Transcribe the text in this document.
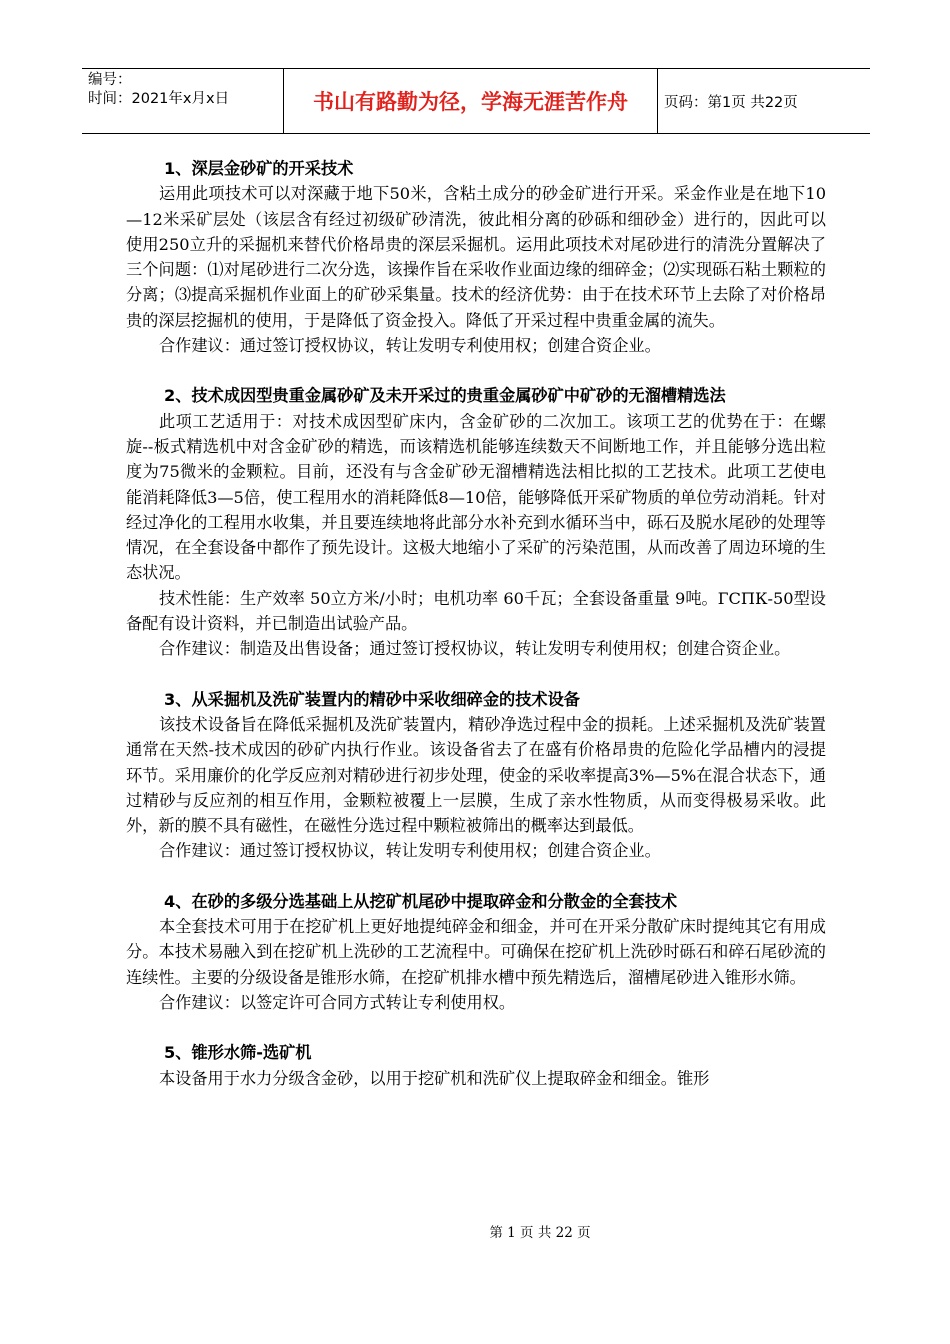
编号：
时间：2021年x月x日	书山有路勤为径，学海无涯苦作舟	页码：第1页 共22页
1、深层金砂矿的开采技术

运用此项技术可以对深藏于地下50米，含粘土成分的砂金矿进行开采。采金作业是在地下10—12米采矿层处（该层含有经过初级矿砂清洗，彼此相分离的砂砾和细砂金）进行的，因此可以使用250立升的采掘机来替代价格昂贵的深层采掘机。运用此项技术对尾砂进行的清洗分置解决了三个问题：⑴对尾砂进行二次分选，该操作旨在采收作业面边缘的细碎金；⑵实现砾石粘土颗粒的分离；⑶提高采掘机作业面上的矿砂采集量。技术的经济优势：由于在技术环节上去除了对价格昂贵的深层挖掘机的使用，于是降低了资金投入。降低了开采过程中贵重金属的流失。

合作建议：通过签订授权协议，转让发明专利使用权；创建合资企业。

2、技术成因型贵重金属砂矿及未开采过的贵重金属砂矿中矿砂的无溜槽精选法

此项工艺适用于：对技术成因型矿床内，含金矿砂的二次加工。该项工艺的优势在于：在螺旋--板式精选机中对含金矿砂的精选，而该精选机能够连续数天不间断地工作，并且能够分选出粒度为75微米的金颗粒。目前，还没有与含金矿砂无溜槽精选法相比拟的工艺技术。此项工艺使电能消耗降低3—5倍，使工程用水的消耗降低8—10倍，能够降低开采矿物质的单位劳动消耗。针对经过净化的工程用水收集，并且要连续地将此部分水补充到水循环当中，砾石及脱水尾砂的处理等情况，在全套设备中都作了预先设计。这极大地缩小了采矿的污染范围，从而改善了周边环境的生态状况。

技术性能：生产效率 50立方米/小时；电机功率 60千瓦；全套设备重量 9吨。ГСПК-50型设备配有设计资料，并已制造出试验产品。

合作建议：制造及出售设备；通过签订授权协议，转让发明专利使用权；创建合资企业。

3、从采掘机及洗矿装置内的精砂中采收细碎金的技术设备

该技术设备旨在降低采掘机及洗矿装置内，精砂净选过程中金的损耗。上述采掘机及洗矿装置通常在天然-技术成因的砂矿内执行作业。该设备省去了在盛有价格昂贵的危险化学品槽内的浸提环节。采用廉价的化学反应剂对精砂进行初步处理，使金的采收率提高3%—5%在混合状态下，通过精砂与反应剂的相互作用，金颗粒被覆上一层膜，生成了亲水性物质，从而变得极易采收。此外，新的膜不具有磁性，在磁性分选过程中颗粒被筛出的概率达到最低。

合作建议：通过签订授权协议，转让发明专利使用权；创建合资企业。

4、在砂的多级分选基础上从挖矿机尾砂中提取碎金和分散金的全套技术

本全套技术可用于在挖矿机上更好地提纯碎金和细金，并可在开采分散矿床时提纯其它有用成分。本技术易融入到在挖矿机上洗砂的工艺流程中。可确保在挖矿机上洗砂时砾石和碎石尾砂流的连续性。主要的分级设备是锥形水筛，在挖矿机排水槽中预先精选后，溜槽尾砂进入锥形水筛。

合作建议：以签定许可合同方式转让专利使用权。

5、锥形水筛-选矿机

本设备用于水力分级含金砂，以用于挖矿机和洗矿仪上提取碎金和细金。锥形

第 1 页 共 22 页
